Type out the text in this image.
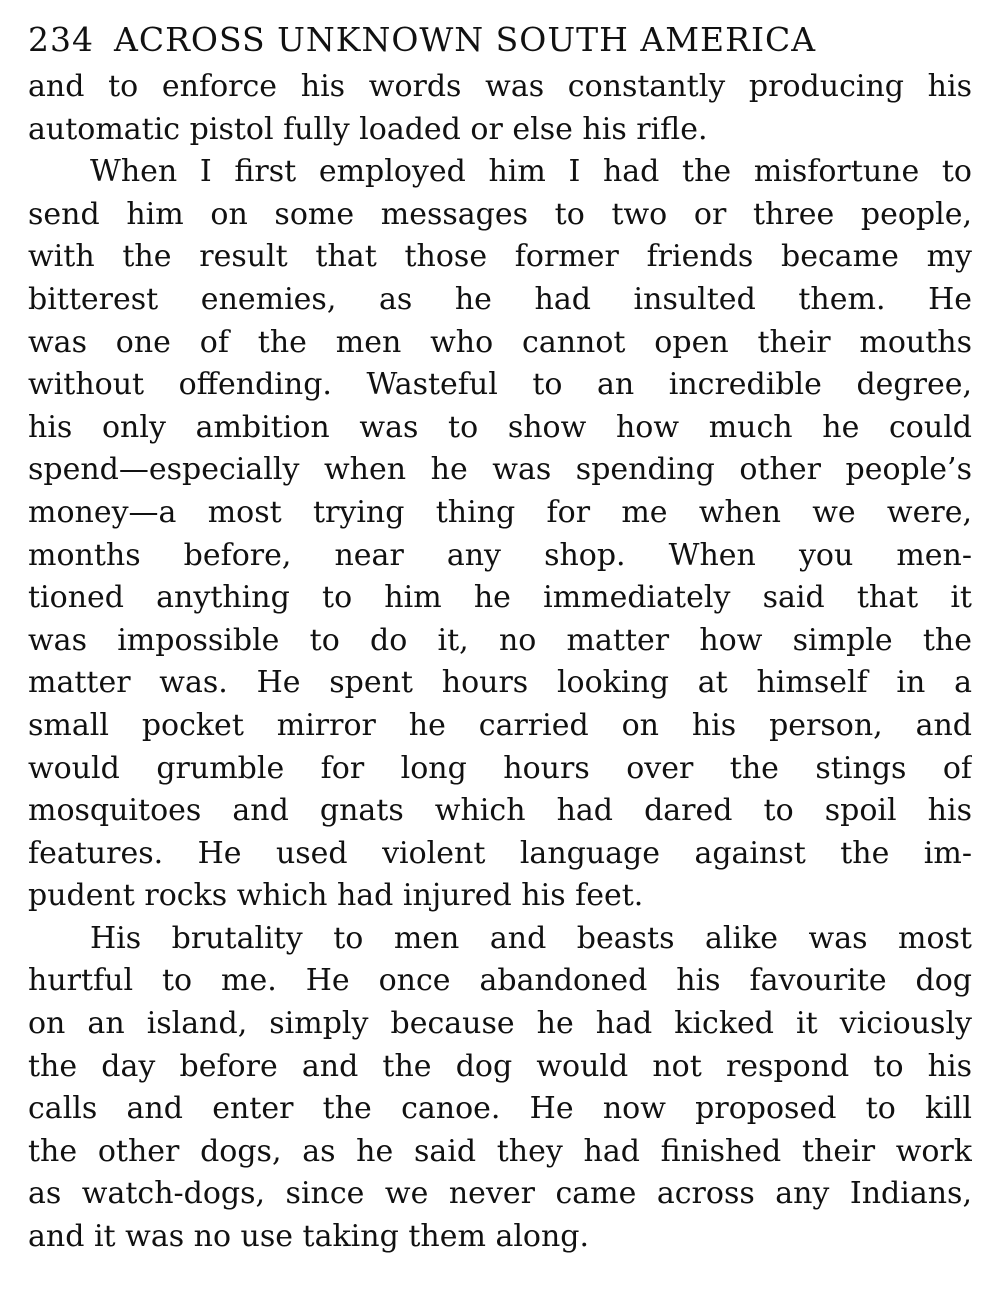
234 ACROSS UNKNOWN SOUTH AMERICA
and to enforce his words was constantly producing his
automatic pistol fully loaded or else his rifle.
When I first employed him I had the misfortune to
send him on some messages to two or three people,
with the result that those former friends became my
bitterest enemies, as he had insulted them. He
was one of the men who cannot open their mouths
without offending. Wasteful to an incredible degree,
his only ambition was to show how much he could
spend—especially when he was spending other people’s
money—a most trying thing for me when we were,
months before, near any shop. When you men-
tioned anything to him he immediately said that it
was impossible to do it, no matter how simple the
matter was. He spent hours looking at himself in a
small pocket mirror he carried on his person, and
would grumble for long hours over the stings of
mosquitoes and gnats which had dared to spoil his
features. He used violent language against the im-
pudent rocks which had injured his feet.
His brutality to men and beasts alike was most
hurtful to me. He once abandoned his favourite dog
on an island, simply because he had kicked it viciously
the day before and the dog would not respond to his
calls and enter the canoe. He now proposed to kill
the other dogs, as he said they had finished their work
as watch-dogs, since we never came across any Indians,
and it was no use taking them along.
